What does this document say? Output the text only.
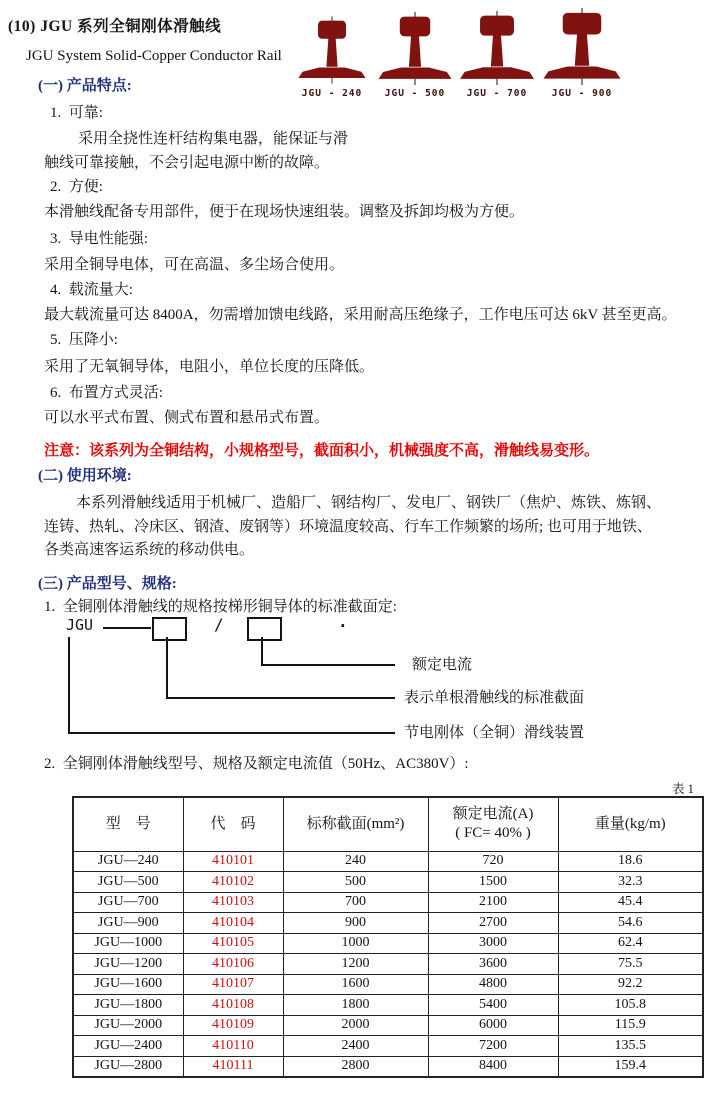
(10) JGU 系列全铜刚体滑触线
JGU System Solid-Copper Conductor Rail
JGU - 240	JGU - 500	JGU - 700	JGU - 900
(一) 产品特点:
1.  可靠:
采用全挠性连杆结构集电器，能保证与滑
触线可靠接触，不会引起电源中断的故障。
2.  方便:
本滑触线配备专用部件，便于在现场快速组装。调整及拆卸均极为方便。
3.  导电性能强:
采用全铜导电体，可在高温、多尘场合使用。
4.  载流量大:
最大载流量可达 8400A，勿需增加馈电线路，采用耐高压绝缘子，工作电压可达 6kV 甚至更高。
5.  压降小:
采用了无氧铜导体，电阻小，单位长度的压降低。
6.  布置方式灵活:
可以水平式布置、侧式布置和悬吊式布置。
注意：该系列为全铜结构，小规格型号，截面积小，机械强度不高，滑触线易变形。
(二) 使用环境:
本系列滑触线适用于机械厂、造船厂、钢结构厂、发电厂、钢铁厂（焦炉、炼铁、炼钢、
连铸、热轧、冷床区、钢渣、废钢等）环境温度较高、行车工作频繁的场所; 也可用于地铁、
各类高速客运系统的移动供电。
(三) 产品型号、规格:
1.  全铜刚体滑触线的规格按梯形铜导体的标准截面定:
JGU	/	.
额定电流
表示单根滑触线的标准截面
节电刚体（全铜）滑线装置
2.  全铜刚体滑触线型号、规格及额定电流值（50Hz、AC380V）:
表 1
型　号	代　码	标称截面(mm²)	额定电流(A)
( FC= 40% )	重量(kg/m)
JGU—240	410101	240	720	18.6
JGU—500	410102	500	1500	32.3
JGU—700	410103	700	2100	45.4
JGU—900	410104	900	2700	54.6
JGU—1000	410105	1000	3000	62.4
JGU—1200	410106	1200	3600	75.5
JGU—1600	410107	1600	4800	92.2
JGU—1800	410108	1800	5400	105.8
JGU—2000	410109	2000	6000	115.9
JGU—2400	410110	2400	7200	135.5
JGU—2800	410111	2800	8400	159.4
